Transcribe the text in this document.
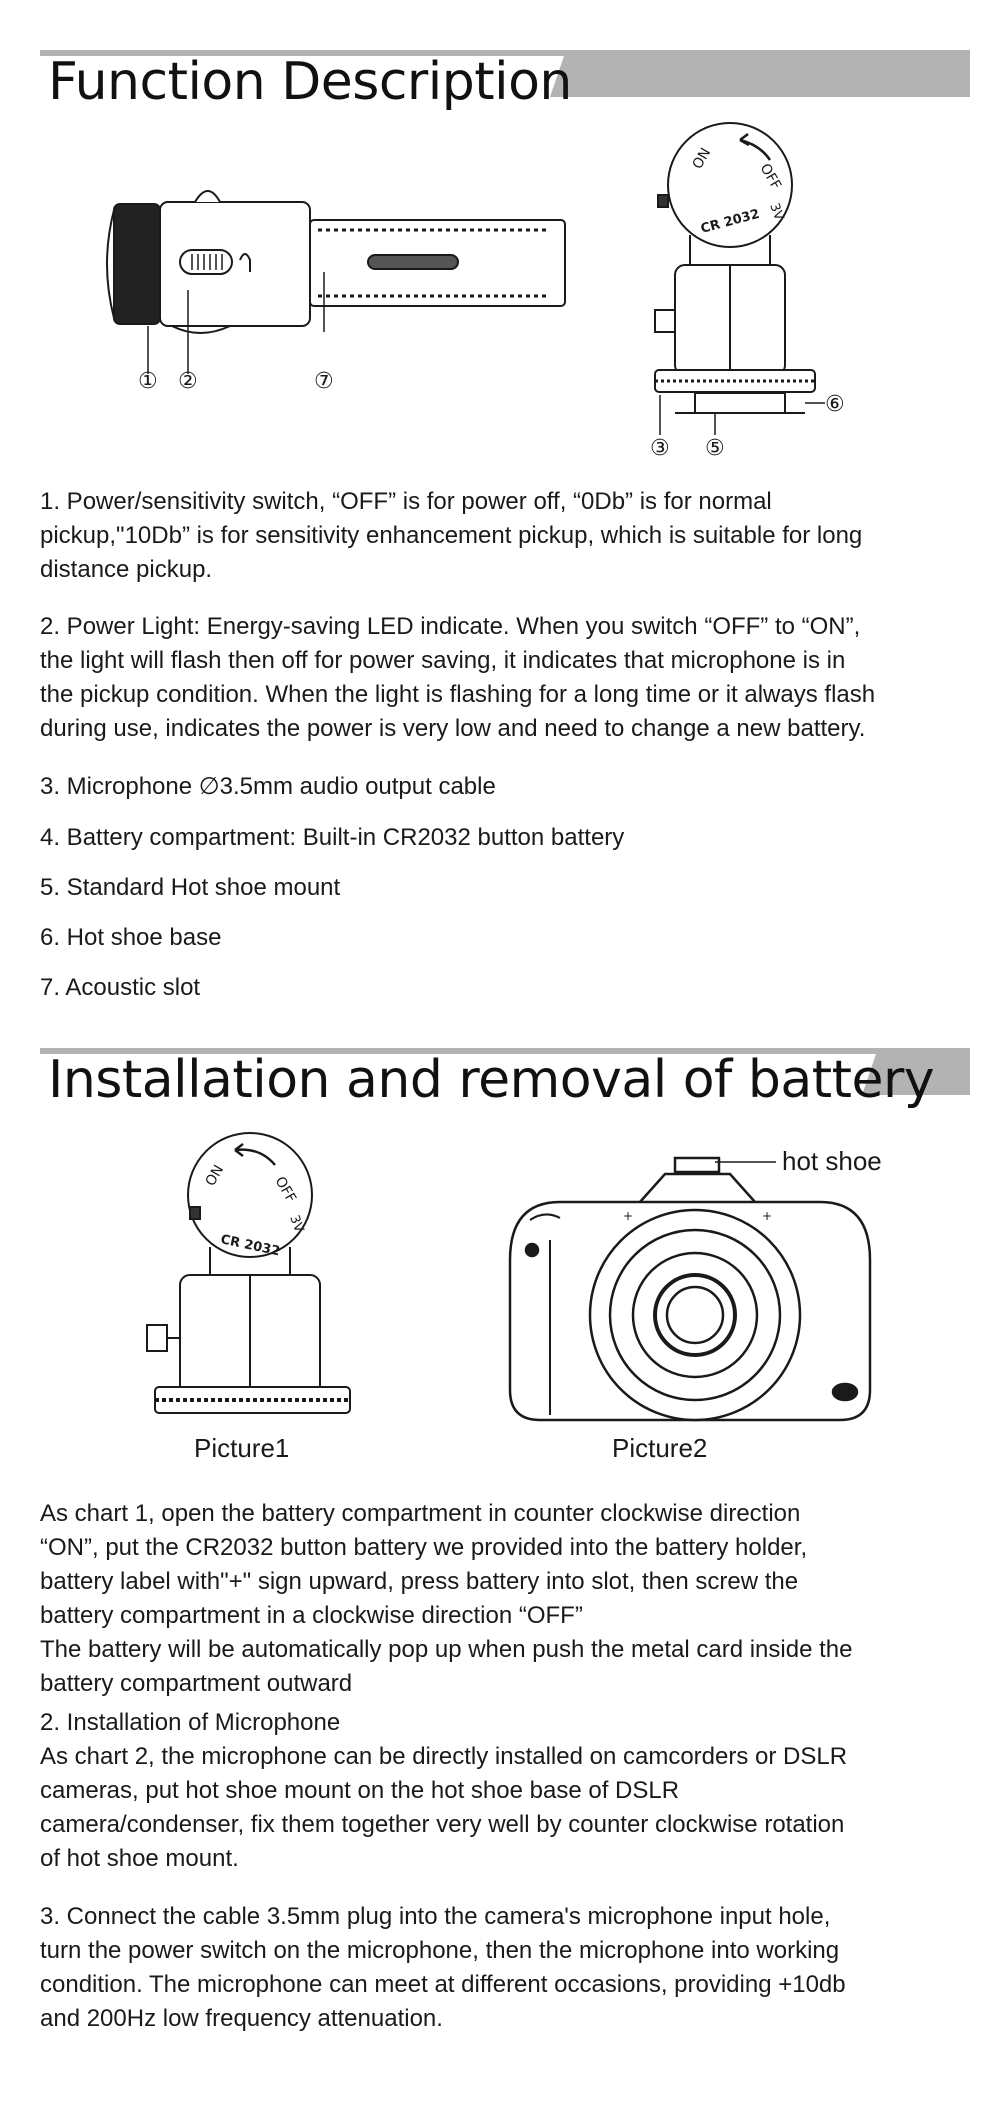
Function Description
① ②	⑦
ON
OFF
CR 2032 3V
③ ⑤
⑥
1. Power/sensitivity switch, “OFF” is for power off, “0Db” is for normal
pickup,"10Db” is for sensitivity enhancement pickup, which is suitable for long
distance pickup.
2. Power Light: Energy-saving LED indicate. When you switch “OFF” to “ON”,
the light will flash then off for power saving, it indicates that microphone is in
the pickup condition. When the light is flashing for a long time or it always flash
during use, indicates the power is very low and need to change a new battery.
3. Microphone ∅3.5mm audio output cable
4. Battery compartment: Built-in CR2032 button battery
5. Standard Hot shoe mount
6. Hot shoe base
7. Acoustic slot
Installation and removal of battery
ON	OFF
CR 2032
3V	+	+
hot shoe
Picture1	Picture2
As chart 1, open the battery compartment in counter clockwise direction
“ON”, put the CR2032 button battery we provided into the battery holder,
battery label with"+" sign upward, press battery into slot, then screw the
battery compartment in a clockwise direction “OFF”
The battery will be automatically pop up when push the metal card inside the
battery compartment outward
2. Installation of Microphone
As chart 2, the microphone can be directly installed on camcorders or DSLR
cameras, put hot shoe mount on the hot shoe base of DSLR
camera/condenser, fix them together very well by counter clockwise rotation
of hot shoe mount.
3. Connect the cable 3.5mm plug into the camera's microphone input hole,
turn the power switch on the microphone, then the microphone into working
condition. The microphone can meet at different occasions, providing +10db
and 200Hz low frequency attenuation.
